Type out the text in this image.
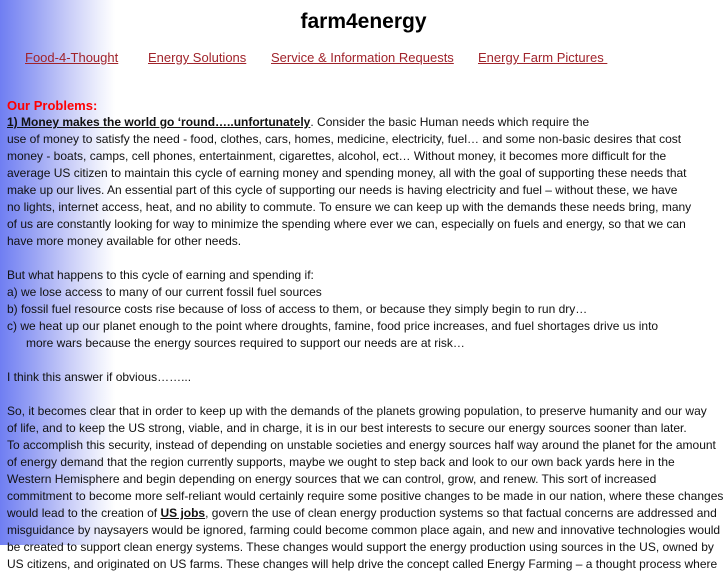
farm4energy
Food-4-Thought Energy Solutions Service & Information Requests Energy Farm Pictures

Our Problems:

1) Money makes the world go ‘round…..unfortunately. Consider the basic Human needs which require the

use of money to satisfy the need - food, clothes, cars, homes, medicine, electricity, fuel… and some non-basic desires that cost

money - boats, camps, cell phones, entertainment, cigarettes, alcohol, ect… Without money, it becomes more difficult for the

average US citizen to maintain this cycle of earning money and spending money, all with the goal of supporting these needs that

make up our lives. An essential part of this cycle of supporting our needs is having electricity and fuel – without these, we have

no lights, internet access, heat, and no ability to commute. To ensure we can keep up with the demands these needs bring, many

of us are constantly looking for way to minimize the spending where ever we can, especially on fuels and energy, so that we can

have more money available for other needs.

But what happens to this cycle of earning and spending if:

a) we lose access to many of our current fossil fuel sources

b) fossil fuel resource costs rise because of loss of access to them, or because they simply begin to run dry…

c) we heat up our planet enough to the point where droughts, famine, food price increases, and fuel shortages drive us into

more wars because the energy sources required to support our needs are at risk…

I think this answer if obvious……...

So, it becomes clear that in order to keep up with the demands of the planets growing population, to preserve humanity and our way

of life, and to keep the US strong, viable, and in charge, it is in our best interests to secure our energy sources sooner than later.

To accomplish this security, instead of depending on unstable societies and energy sources half way around the planet for the amount

of energy demand that the region currently supports, maybe we ought to step back and look to our own back yards here in the

Western Hemisphere and begin depending on energy sources that we can control, grow, and renew. This sort of increased

commitment to become more self-reliant would certainly require some positive changes to be made in our nation, where these changes

would lead to the creation of US jobs, govern the use of clean energy production systems so that factual concerns are addressed and

misguidance by naysayers would be ignored, farming could become common place again, and new and innovative technologies would

be created to support clean energy systems. These changes would support the energy production using sources in the US, owned by

US citizens, and originated on US farms. These changes will help drive the concept called Energy Farming – a thought process where
